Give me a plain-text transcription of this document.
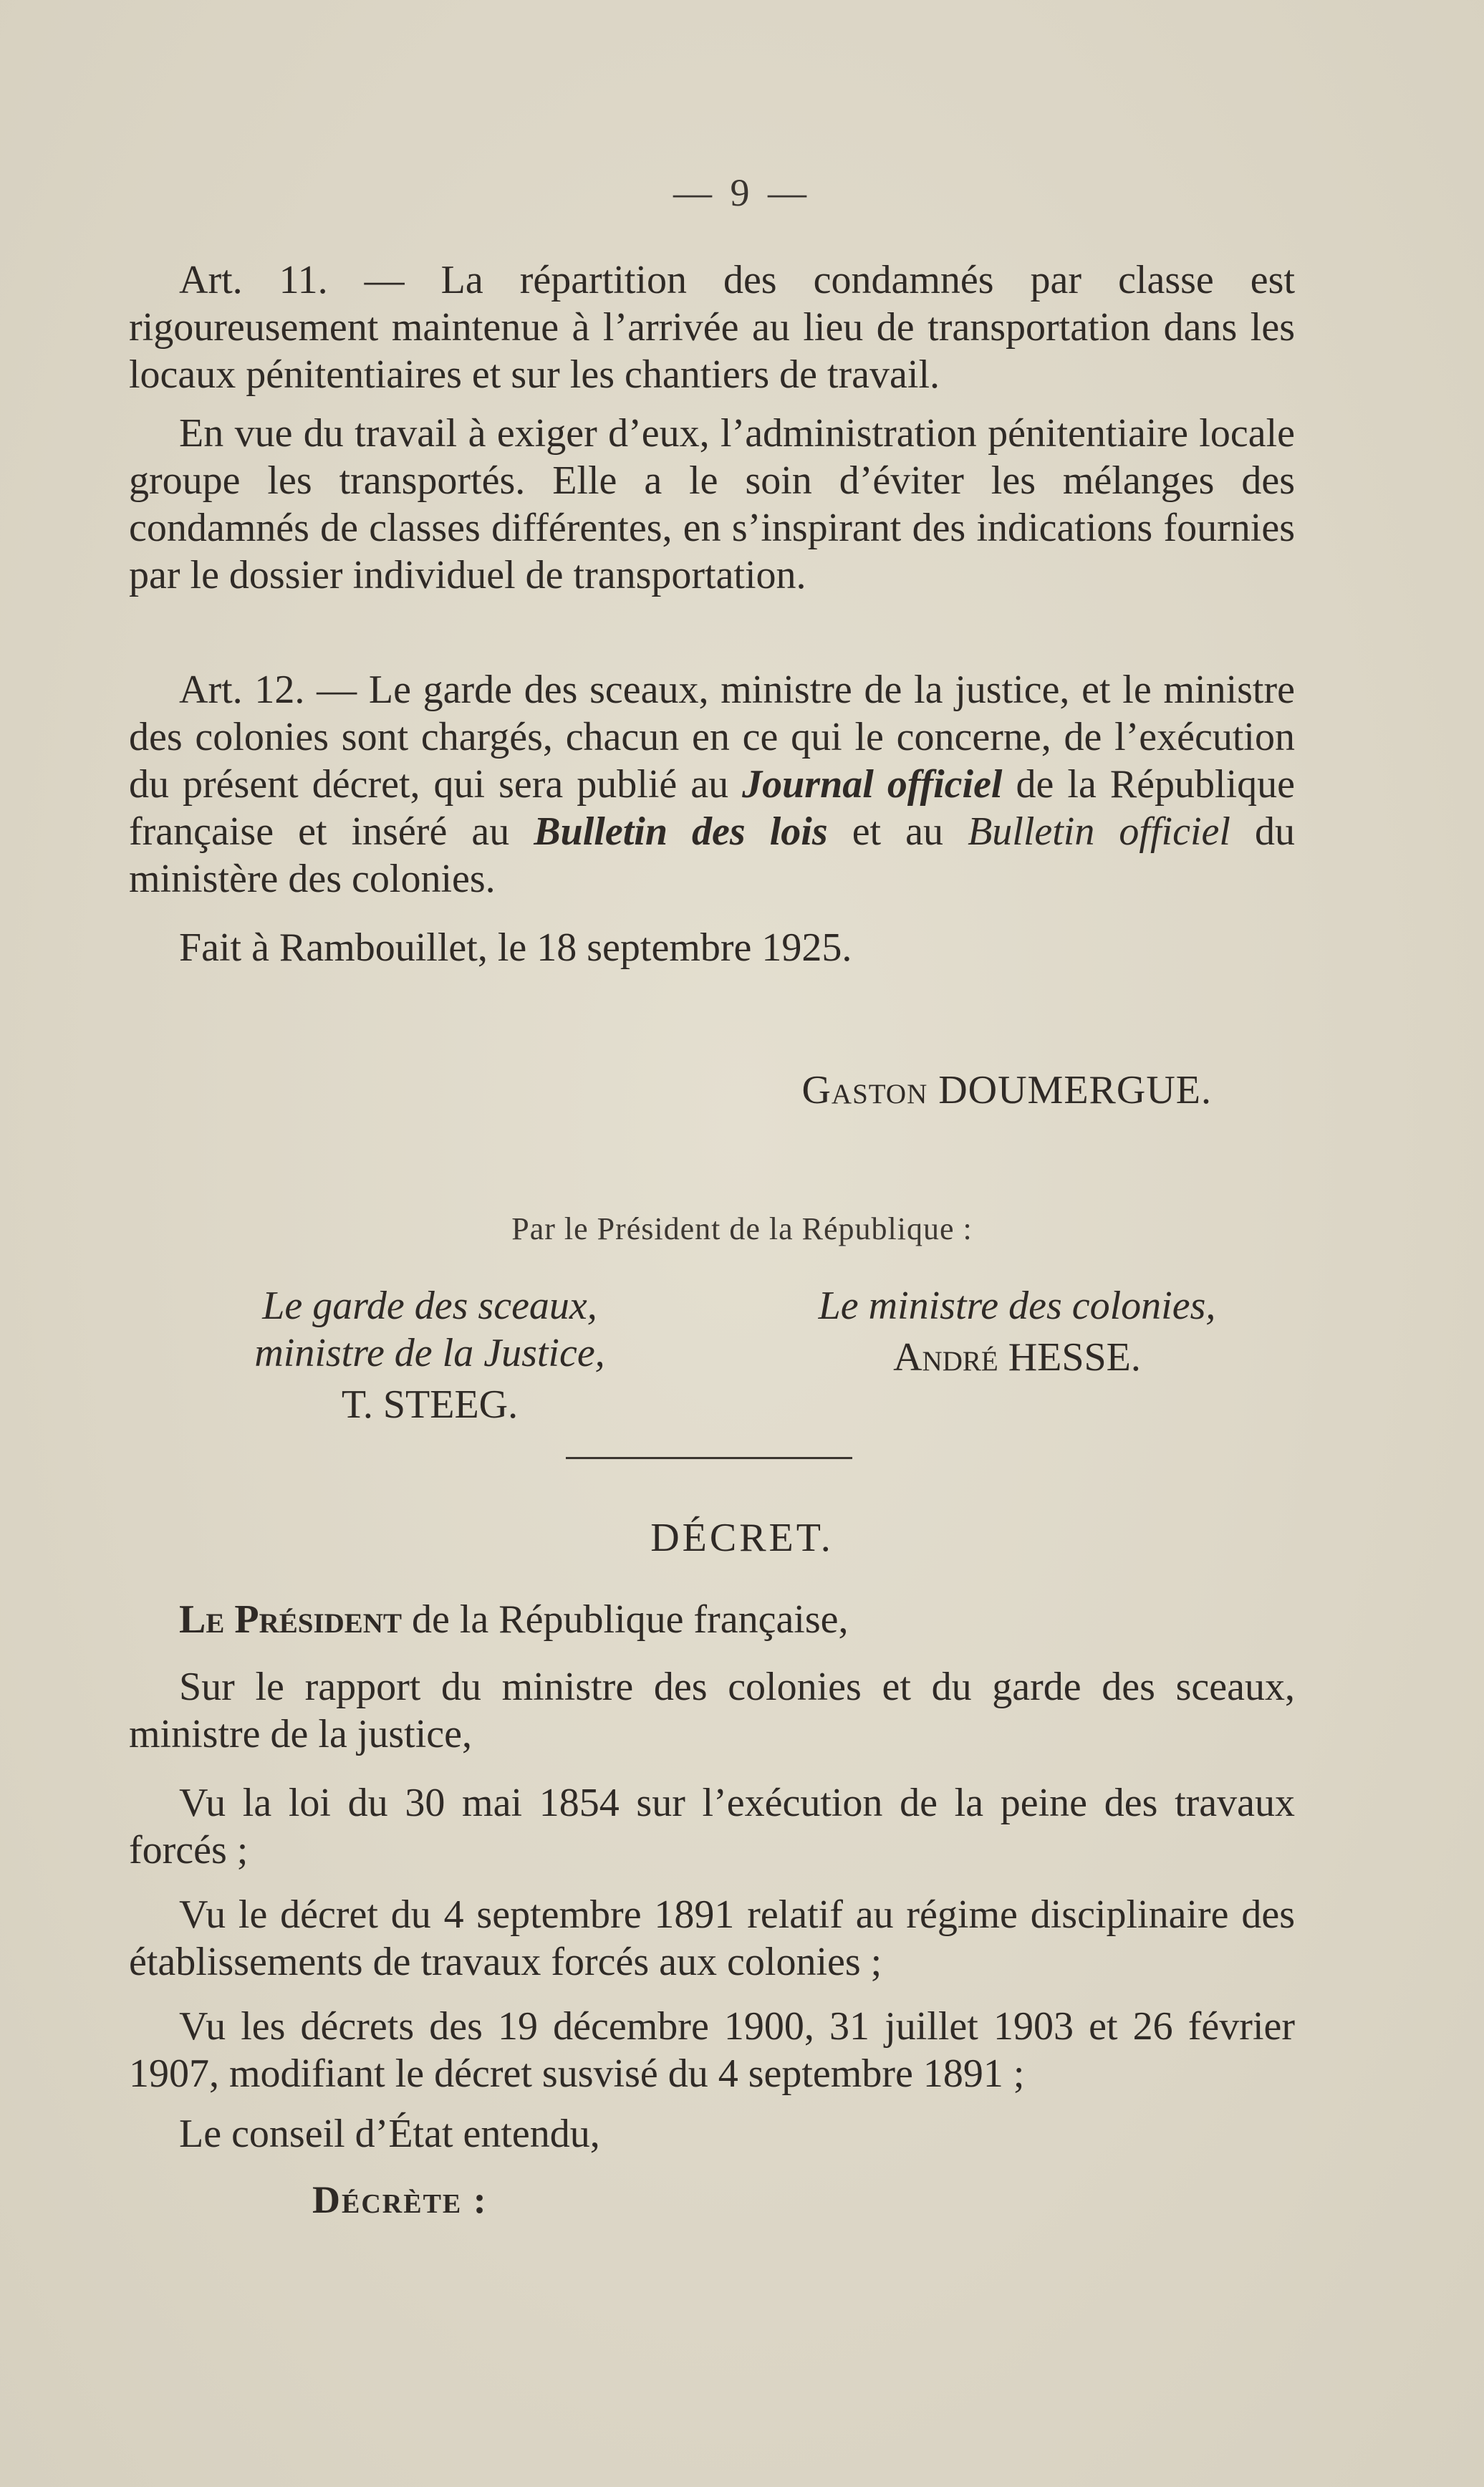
— 9 —

Art. 11. — La répartition des condamnés par classe est rigoureusement maintenue à l’arrivée au lieu de transportation dans les locaux pénitentiaires et sur les chantiers de travail.

En vue du travail à exiger d’eux, l’administration pénitentiaire locale groupe les transportés. Elle a le soin d’éviter les mélanges des condamnés de classes différentes, en s’inspirant des indications fournies par le dossier individuel de transportation.

Art. 12. — Le garde des sceaux, ministre de la justice, et le ministre des colonies sont chargés, chacun en ce qui le concerne, de l’exécution du présent décret, qui sera publié au Journal officiel de la République française et inséré au Bulletin des lois et au Bulletin officiel du ministère des colonies.

Fait à Rambouillet, le 18 septembre 1925.

Gaston DOUMERGUE.
Par le Président de la République :
Le garde des sceaux,
ministre de la Justice,
T. STEEG.
Le ministre des colonies,
André HESSE.
DÉCRET.

Le Président de la République française,

Sur le rapport du ministre des colonies et du garde des sceaux, ministre de la justice,

Vu la loi du 30 mai 1854 sur l’exécution de la peine des travaux forcés ;

Vu le décret du 4 septembre 1891 relatif au régime disciplinaire des établissements de travaux forcés aux colonies ;

Vu les décrets des 19 décembre 1900, 31 juillet 1903 et 26 février 1907, modifiant le décret susvisé du 4 septembre 1891 ;

Le conseil d’État entendu,

Décrète :
